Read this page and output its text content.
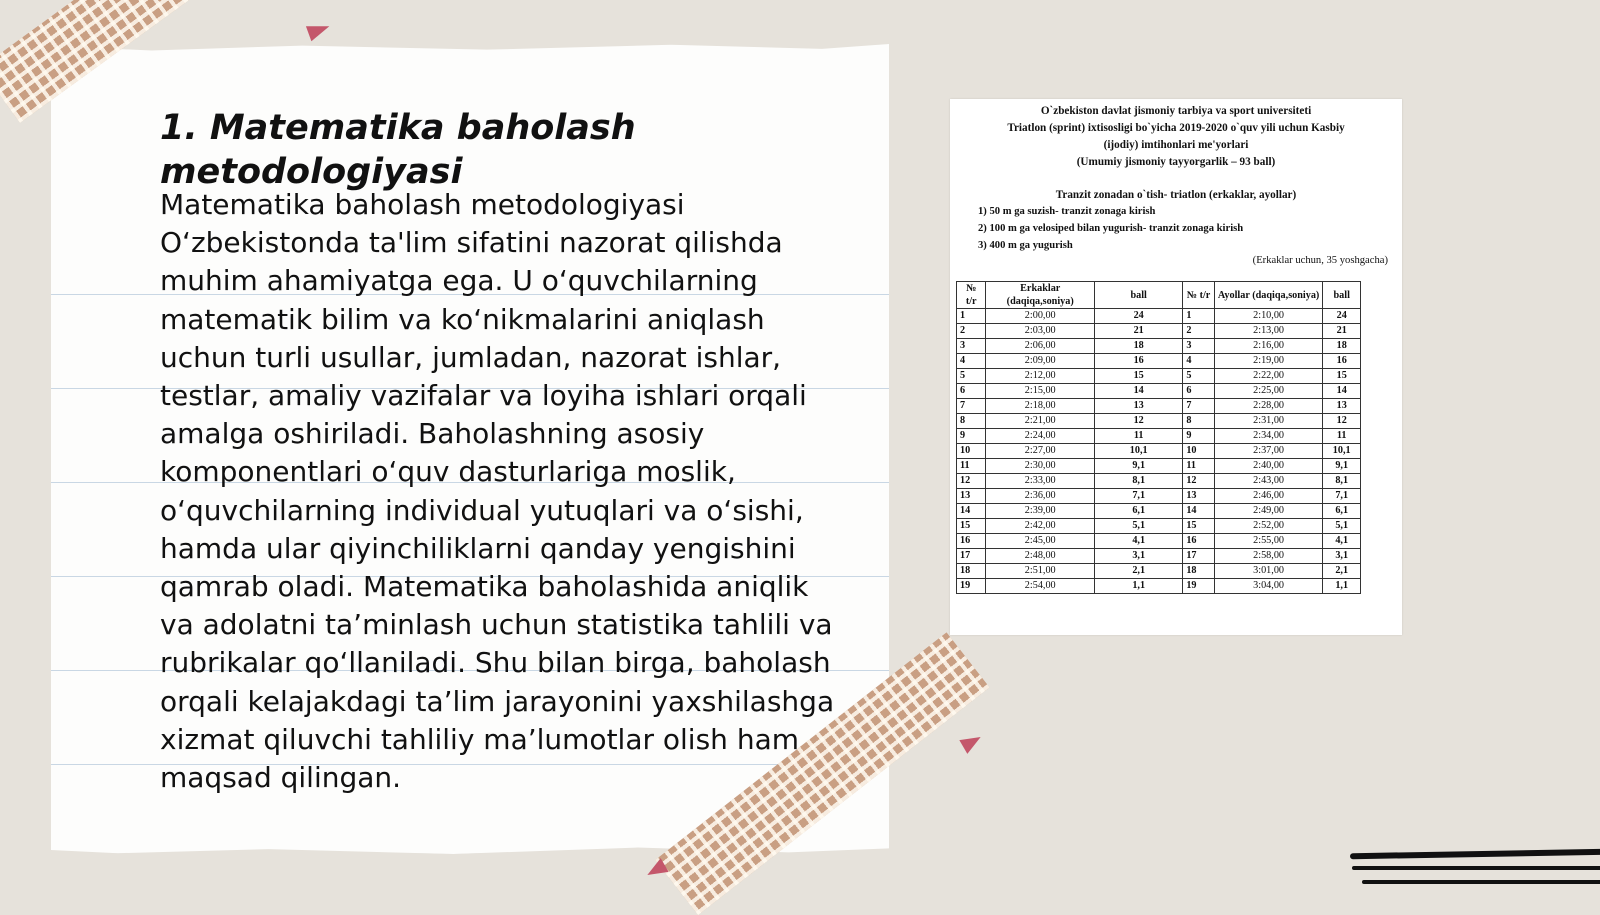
1. Matematika baholash metodologiyasi

Matematika baholash metodologiyasi O‘zbekistonda ta'lim sifatini nazorat qilishda muhim ahamiyatga ega. U o‘quvchilarning matematik bilim va ko‘nikmalarini aniqlash uchun turli usullar, jumladan, nazorat ishlar, testlar, amaliy vazifalar va loyiha ishlari orqali amalga oshiriladi. Baholashning asosiy komponentlari o‘quv dasturlariga moslik, o‘quvchilarning individual yutuqlari va o‘sishi, hamda ular qiyinchiliklarni qanday yengishini qamrab oladi. Matematika baholashida aniqlik va adolatni ta’minlash uchun statistika tahlili va rubrikalar qo‘llaniladi. Shu bilan birga, baholash orqali kelajakdagi ta’lim jarayonini yaxshilashga xizmat qiluvchi tahliliy ma’lumotlar olish ham maqsad qilingan.

O`zbekiston davlat jismoniy tarbiya va sport universiteti
Triatlon (sprint) ixtisosligi bo`yicha 2019-2020 o`quv yili uchun Kasbiy
(ijodiy) imtihonlari me'yorlari
(Umumiy jismoniy tayyorgarlik – 93 ball)
Tranzit zonadan o`tish- triatlon (erkaklar, ayollar)
1) 50 m ga suzish- tranzit zonaga kirish
2) 100 m ga velosiped bilan yugurish- tranzit zonaga kirish
3) 400 m ga yugurish
(Erkaklar uchun, 35 yoshgacha)
№ t/r	Erkaklar (daqiqa,soniya)	ball	№ t/r	Ayollar (daqiqa,soniya)	ball
1	2:00,00	24	1	2:10,00	24
2	2:03,00	21	2	2:13,00	21
3	2:06,00	18	3	2:16,00	18
4	2:09,00	16	4	2:19,00	16
5	2:12,00	15	5	2:22,00	15
6	2:15,00	14	6	2:25,00	14
7	2:18,00	13	7	2:28,00	13
8	2:21,00	12	8	2:31,00	12
9	2:24,00	11	9	2:34,00	11
10	2:27,00	10,1	10	2:37,00	10,1
11	2:30,00	9,1	11	2:40,00	9,1
12	2:33,00	8,1	12	2:43,00	8,1
13	2:36,00	7,1	13	2:46,00	7,1
14	2:39,00	6,1	14	2:49,00	6,1
15	2:42,00	5,1	15	2:52,00	5,1
16	2:45,00	4,1	16	2:55,00	4,1
17	2:48,00	3,1	17	2:58,00	3,1
18	2:51,00	2,1	18	3:01,00	2,1
19	2:54,00	1,1	19	3:04,00	1,1
